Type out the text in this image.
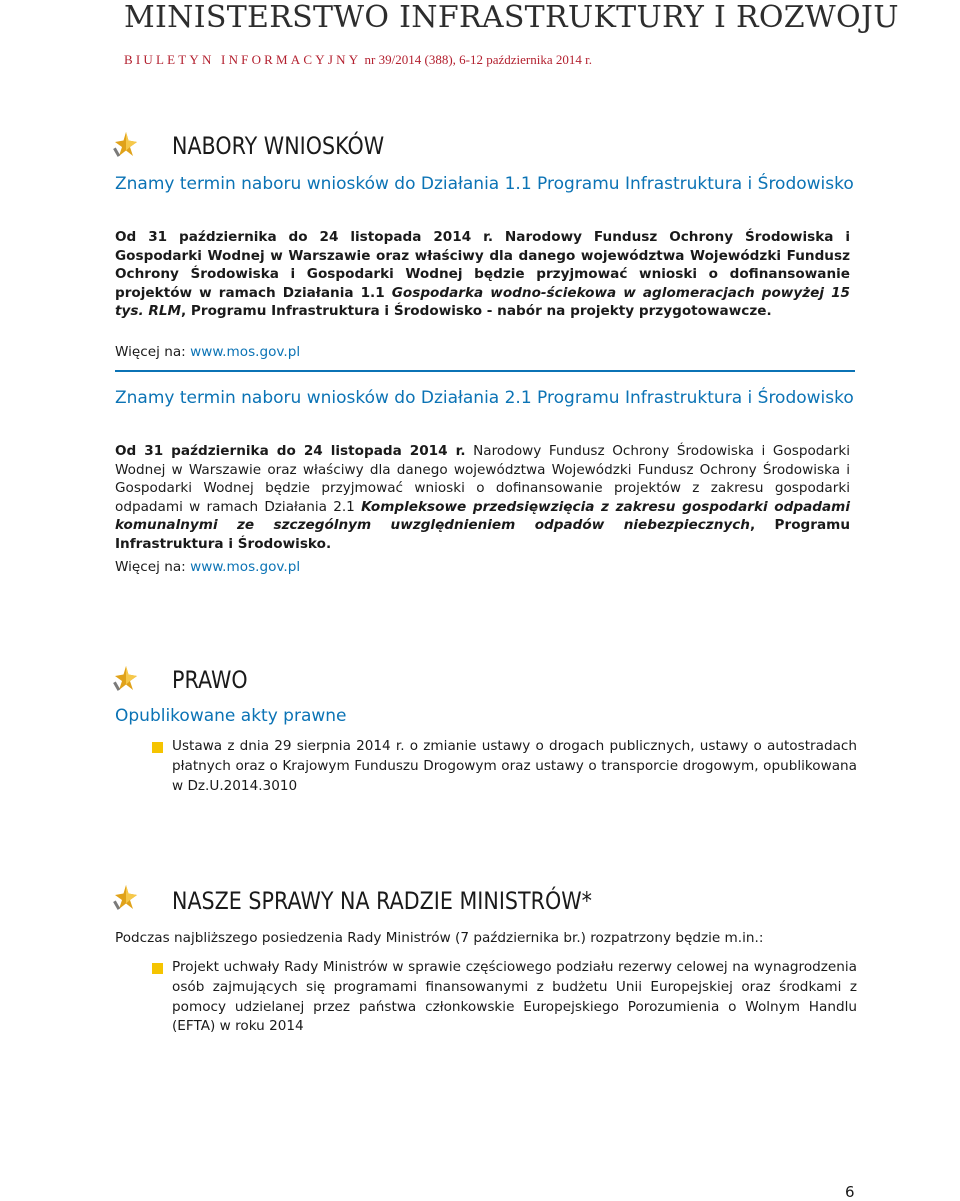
MINISTERSTWO INFRASTRUKTURY I ROZWOJU
BIULETYN INFORMACYJNY nr 39/2014 (388), 6-12 października 2014 r.
NABORY WNIOSKÓW
Znamy termin naboru wniosków do Działania 1.1 Programu Infrastruktura i Środowisko
Od 31 października do 24 listopada 2014 r. Narodowy Fundusz Ochrony Środowiska i Gospodarki Wodnej w Warszawie oraz właściwy dla danego województwa Wojewódzki Fundusz Ochrony Środowiska i Gospodarki Wodnej będzie przyjmować wnioski o dofinansowanie projektów w ramach Działania 1.1 Gospodarka wodno-ściekowa w aglomeracjach powyżej 15 tys. RLM, Programu Infrastruktura i Środowisko - nabór na projekty przygotowawcze.
Więcej na: www.mos.gov.pl
Znamy termin naboru wniosków do Działania 2.1 Programu Infrastruktura i Środowisko
Od 31 października do 24 listopada 2014 r. Narodowy Fundusz Ochrony Środowiska i Gospodarki Wodnej w Warszawie oraz właściwy dla danego województwa Wojewódzki Fundusz Ochrony Środowiska i Gospodarki Wodnej będzie przyjmować wnioski o dofinansowanie projektów z zakresu gospodarki odpadami w ramach Działania 2.1 Kompleksowe przedsięwzięcia z zakresu gospodarki odpadami komunalnymi ze szczególnym uwzględnieniem odpadów niebezpiecznych, Programu Infrastruktura i Środowisko.
Więcej na: www.mos.gov.pl
PRAWO
Opublikowane akty prawne
Ustawa z dnia 29 sierpnia 2014 r. o zmianie ustawy o drogach publicznych, ustawy o autostradach płatnych oraz o Krajowym Funduszu Drogowym oraz ustawy o transporcie drogowym, opublikowana w Dz.U.2014.3010
NASZE SPRAWY NA RADZIE MINISTRÓW*
Podczas najbliższego posiedzenia Rady Ministrów (7 października br.) rozpatrzony będzie m.in.:
Projekt uchwały Rady Ministrów w sprawie częściowego podziału rezerwy celowej na wynagrodzenia osób zajmujących się programami finansowanymi z budżetu Unii Europejskiej oraz środkami z pomocy udzielanej przez państwa członkowskie Europejskiego Porozumienia o Wolnym Handlu (EFTA) w roku 2014
6
